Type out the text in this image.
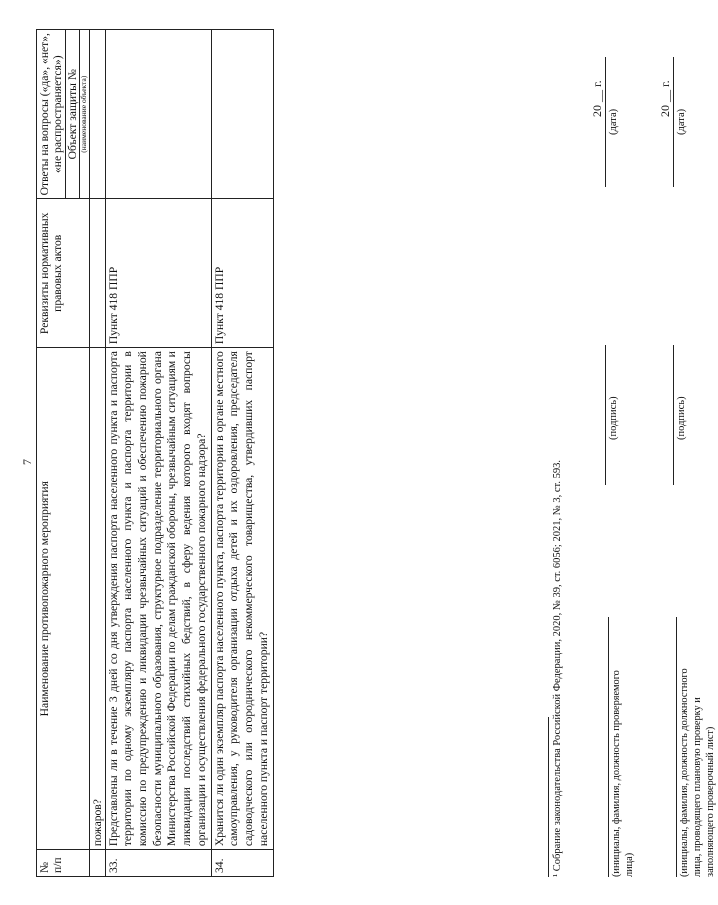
7
№ п/п	Наименование противопожарного мероприятия	Реквизиты нормативных правовых актов	Ответы на вопросы («да», «нет», «не распространяется») Объект защиты № (наименование объекта)

	пожаров?		
33.	Представлены ли в течение 3 дней со дня утверждения паспорта населенного пункта и паспорта территории по одному экземпляру паспорта населенного пункта и паспорта территории в комиссию по предупреждению и ликвидации чрезвычайных ситуаций и обеспечению пожарной безопасности муниципального образования, структурное подразделение территориального органа Министерства Российской Федерации по делам гражданской обороны, чрезвычайным ситуациям и ликвидации последствий стихийных бедствий, в сферу ведения которого входят вопросы организации и осуществления федерального государственного пожарного надзора?	Пункт 418 ППР	
34.	Хранится ли один экземпляр паспорта населенного пункта, паспорта территории в органе местного самоуправления, у руководителя организации отдыха детей и их оздоровления, председателя садоводческого или огороднического некоммерческого товарищества, утвердивших паспорт населенного пункта и паспорт территории?	Пункт 418 ППР	
¹ Собрание законодательства Российской Федерации, 2020, № 39, ст. 6056; 2021, № 3, ст. 593.	(инициалы, фамилия, должность проверяемого лица)
(подпись)
(дата)
20 __ г.
(инициалы, фамилия, должность должностного лица, проводящего плановую проверку и заполняющего проверочный лист)
(подпись)
(дата)
20 __ г.
